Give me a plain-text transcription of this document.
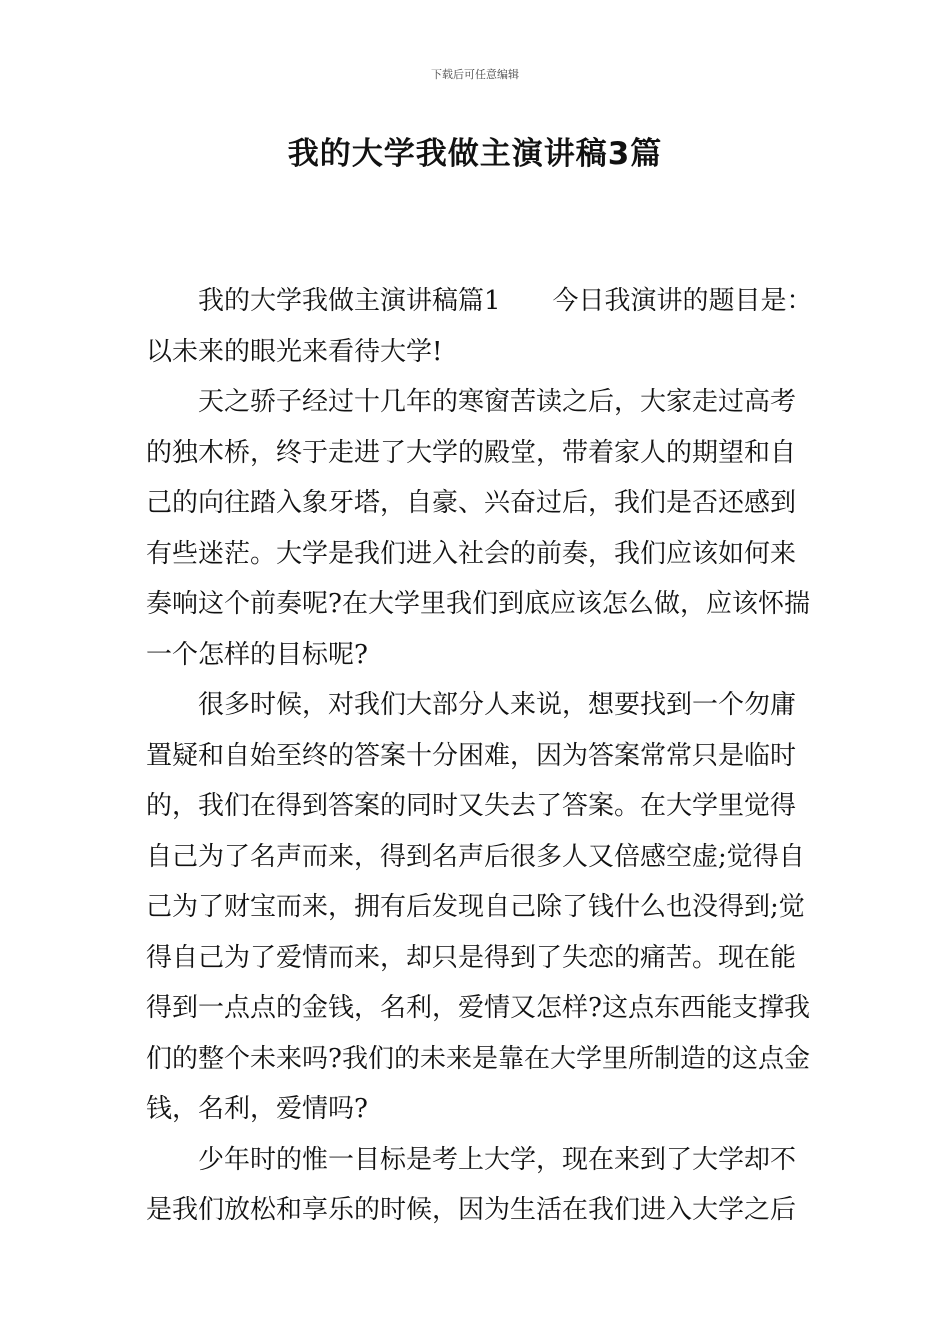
下载后可任意编辑
我的大学我做主演讲稿3篇
我的大学我做主演讲稿篇1 今日我演讲的题目是：
以未来的眼光来看待大学!
天之骄子经过十几年的寒窗苦读之后，大家走过高考
的独木桥，终于走进了大学的殿堂，带着家人的期望和自
己的向往踏入象牙塔，自豪、兴奋过后，我们是否还感到
有些迷茫。大学是我们进入社会的前奏，我们应该如何来
奏响这个前奏呢?在大学里我们到底应该怎么做，应该怀揣
一个怎样的目标呢?
很多时候，对我们大部分人来说，想要找到一个勿庸
置疑和自始至终的答案十分困难，因为答案常常只是临时
的，我们在得到答案的同时又失去了答案。在大学里觉得
自己为了名声而来，得到名声后很多人又倍感空虚;觉得自
己为了财宝而来，拥有后发现自己除了钱什么也没得到;觉
得自己为了爱情而来，却只是得到了失恋的痛苦。现在能
得到一点点的金钱，名利，爱情又怎样?这点东西能支撑我
们的整个未来吗?我们的未来是靠在大学里所制造的这点金
钱，名利，爱情吗?
少年时的惟一目标是考上大学，现在来到了大学却不
是我们放松和享乐的时候，因为生活在我们进入大学之后
